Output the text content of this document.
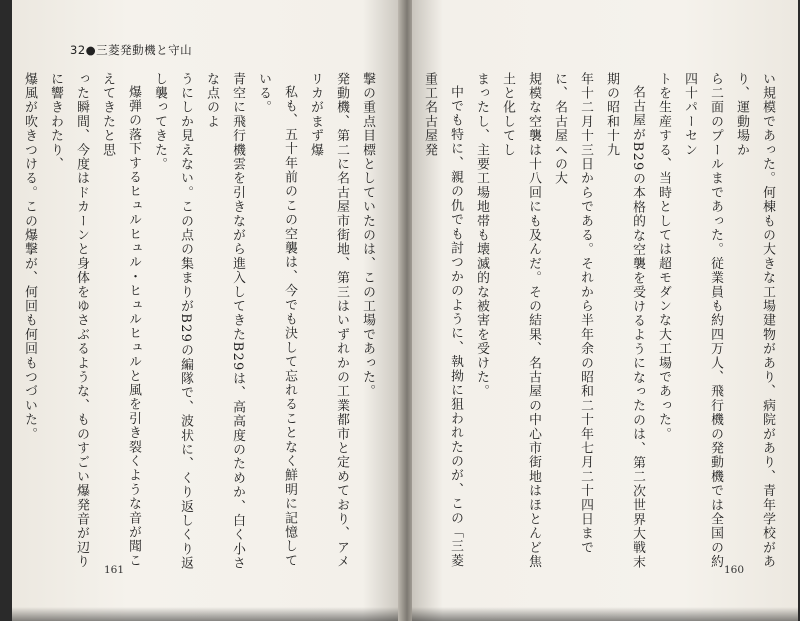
32●三菱発動機と守山

撃の重点目標としていたのは、この工場であった。

発動機、第二に名古屋市街地、第三はいずれかの工業都市と定めており、アメリカがまず爆

私も、五十年前のこの空襲は、今でも決して忘れることなく鮮明に記憶している。

青空に飛行機雲を引きながら進入してきたB29は、高高度のためか、白く小さな点のよ

うにしか見えない。この点の集まりがB29の編隊で、波状に、くり返しくり返し襲ってきた。

爆弾の落下するヒュルヒュル・ヒュルヒュルと風を引き裂くような音が聞こえてきたと思

った瞬間、今度はドカーンと身体をゆさぶるような、ものすごい爆発音が辺りに響きわたり、

爆風が吹きつける。この爆撃が、何回も何回もつづいた。

161

い規模であった。何棟もの大きな工場建物があり、病院があり、青年学校があり、運動場か

ら二面のプールまであった。従業員も約四万人、飛行機の発動機では全国の約四十パーセン

トを生産する、当時としては超モダンな大工場であった。

名古屋がB29の本格的な空襲を受けるようになったのは、第二次世界大戦末期の昭和十九

年十二月十三日からである。それから半年余の昭和二十年七月二十四日までに、名古屋への大

規模な空襲は十八回にも及んだ。その結果、名古屋の中心市街地はほとんど焦土と化してし

まったし、主要工場地帯も壊滅的な被害を受けた。

中でも特に、親の仇でも討つかのように、執拗に狙われたのが、この「三菱重工名古屋発

160
